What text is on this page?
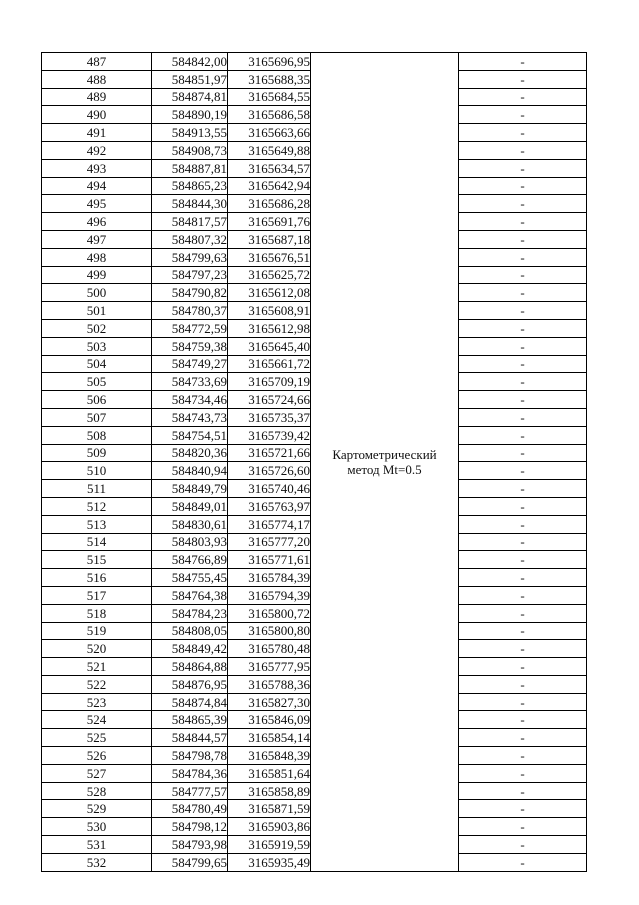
487	584842,00	3165696,95	Картометрический
метод Mt=0.5	-
488	584851,97	3165688,35		-
489	584874,81	3165684,55		-
490	584890,19	3165686,58		-
491	584913,55	3165663,66		-
492	584908,73	3165649,88		-
493	584887,81	3165634,57		-
494	584865,23	3165642,94		-
495	584844,30	3165686,28		-
496	584817,57	3165691,76		-
497	584807,32	3165687,18		-
498	584799,63	3165676,51		-
499	584797,23	3165625,72		-
500	584790,82	3165612,08		-
501	584780,37	3165608,91		-
502	584772,59	3165612,98		-
503	584759,38	3165645,40		-
504	584749,27	3165661,72		-
505	584733,69	3165709,19		-
506	584734,46	3165724,66		-
507	584743,73	3165735,37		-
508	584754,51	3165739,42		-
509	584820,36	3165721,66		-
510	584840,94	3165726,60		-
511	584849,79	3165740,46		-
512	584849,01	3165763,97		-
513	584830,61	3165774,17		-
514	584803,93	3165777,20		-
515	584766,89	3165771,61		-
516	584755,45	3165784,39		-
517	584764,38	3165794,39		-
518	584784,23	3165800,72		-
519	584808,05	3165800,80		-
520	584849,42	3165780,48		-
521	584864,88	3165777,95		-
522	584876,95	3165788,36		-
523	584874,84	3165827,30		-
524	584865,39	3165846,09		-
525	584844,57	3165854,14		-
526	584798,78	3165848,39		-
527	584784,36	3165851,64		-
528	584777,57	3165858,89		-
529	584780,49	3165871,59		-
530	584798,12	3165903,86		-
531	584793,98	3165919,59		-
532	584799,65	3165935,49		-
